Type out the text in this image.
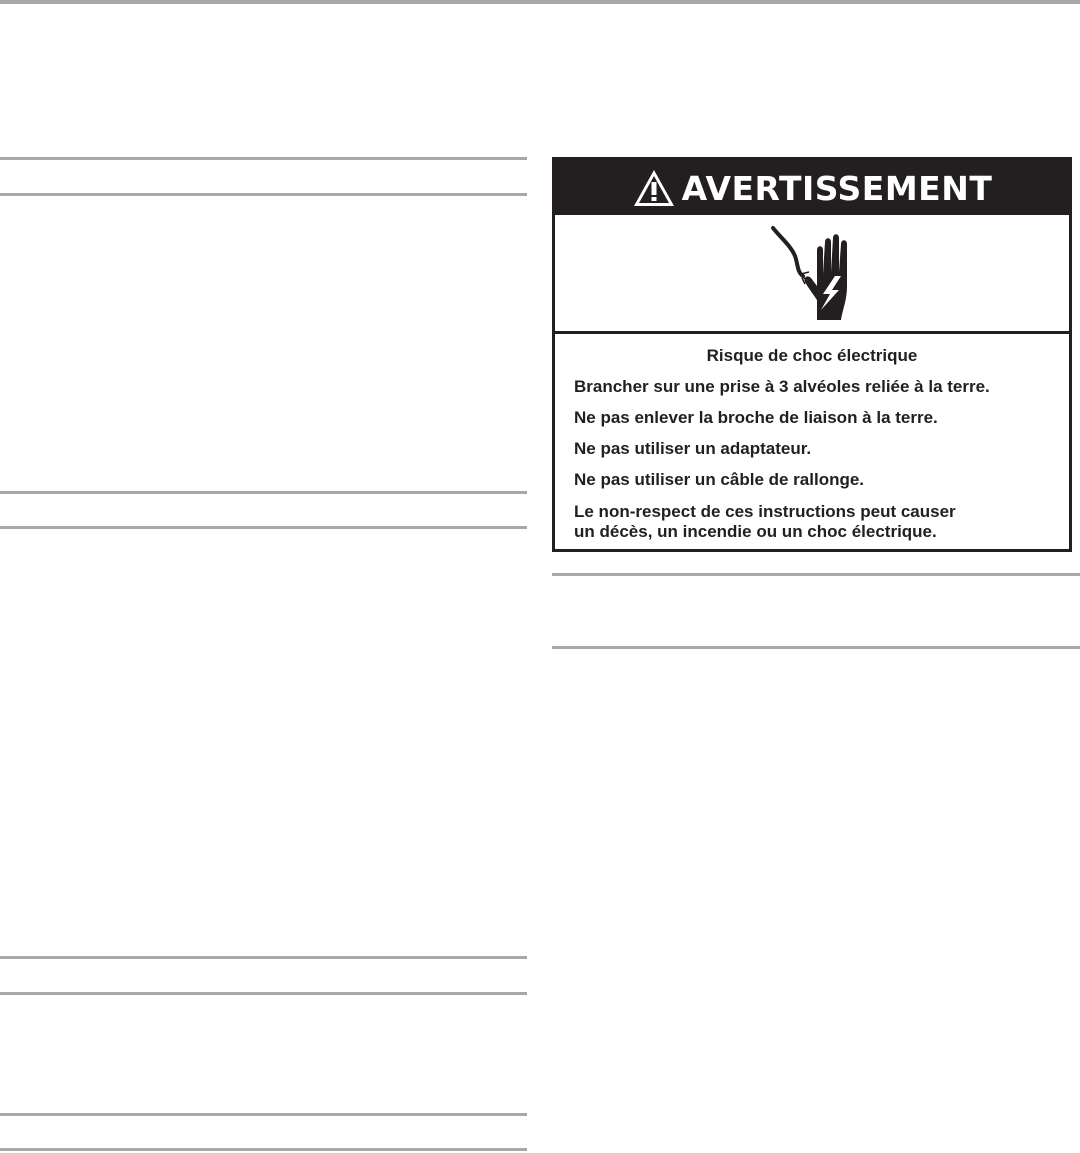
AVERTISSEMENT
Risque de choc électrique
Brancher sur une prise à 3 alvéoles reliée à la terre.
Ne pas enlever la broche de liaison à la terre.
Ne pas utiliser un adaptateur.
Ne pas utiliser un câble de rallonge.
Le non-respect de ces instructions peut causer
un décès, un incendie ou un choc électrique.
